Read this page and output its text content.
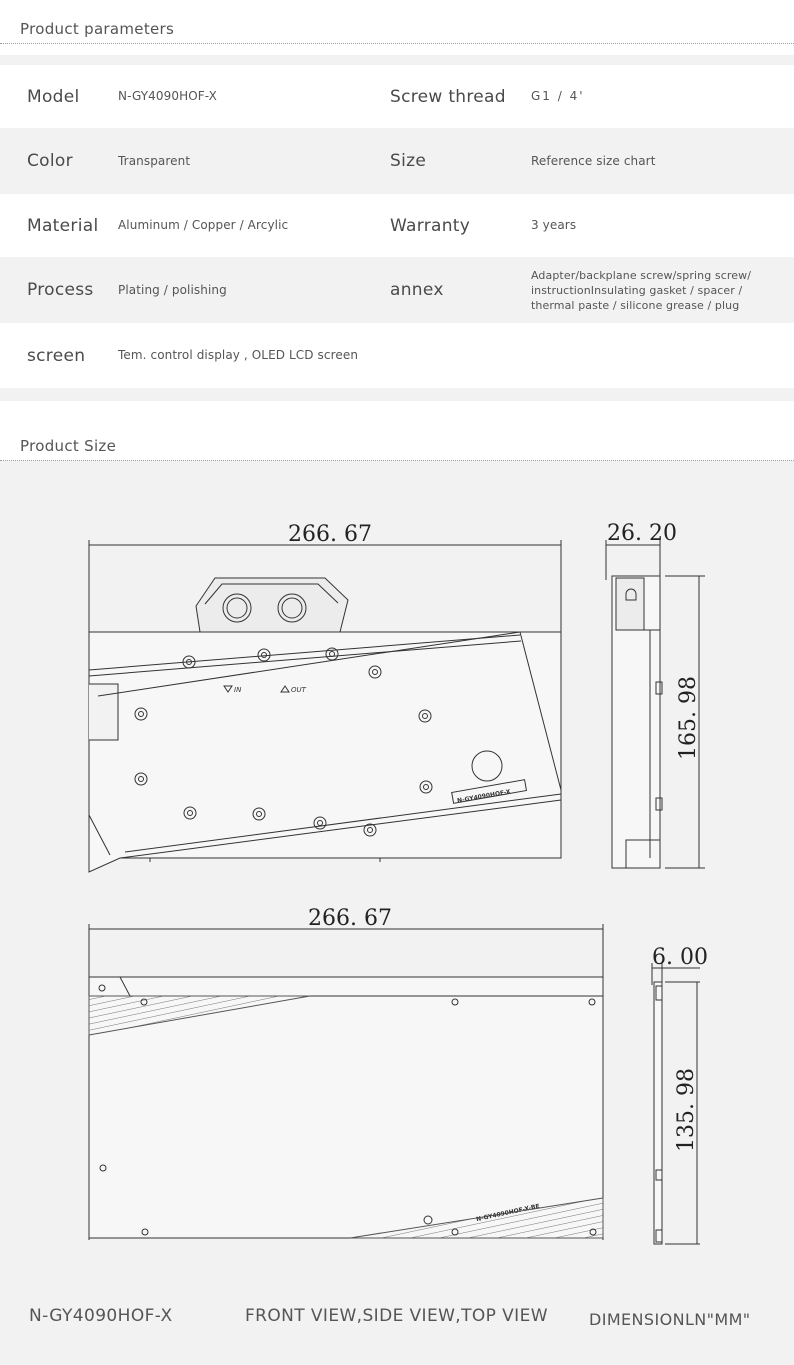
Product parameters
Model	N-GY4090HOF-X	Screw thread G1 / 4'
Color	Transparent	Size	Reference size chart
Material Aluminum / Copper / Arcylic	Warranty	3 years
Process Plating / polishing	annex
Adapter/backplane screw/spring screw/
instructionInsulating gasket / spacer /
thermal paste / silicone grease / plug
screen	Tem. control display , OLED LCD screen
Product Size
IN	OUT
N-GY4090HOF-X
N-GY4090HOF-X-BE
266. 67	26. 20
165. 98
266. 67
6. 00
135. 98
N-GY4090HOF-X	FRONT VIEW,SIDE VIEW,TOP VIEW	DIMENSIONLN"MM"
